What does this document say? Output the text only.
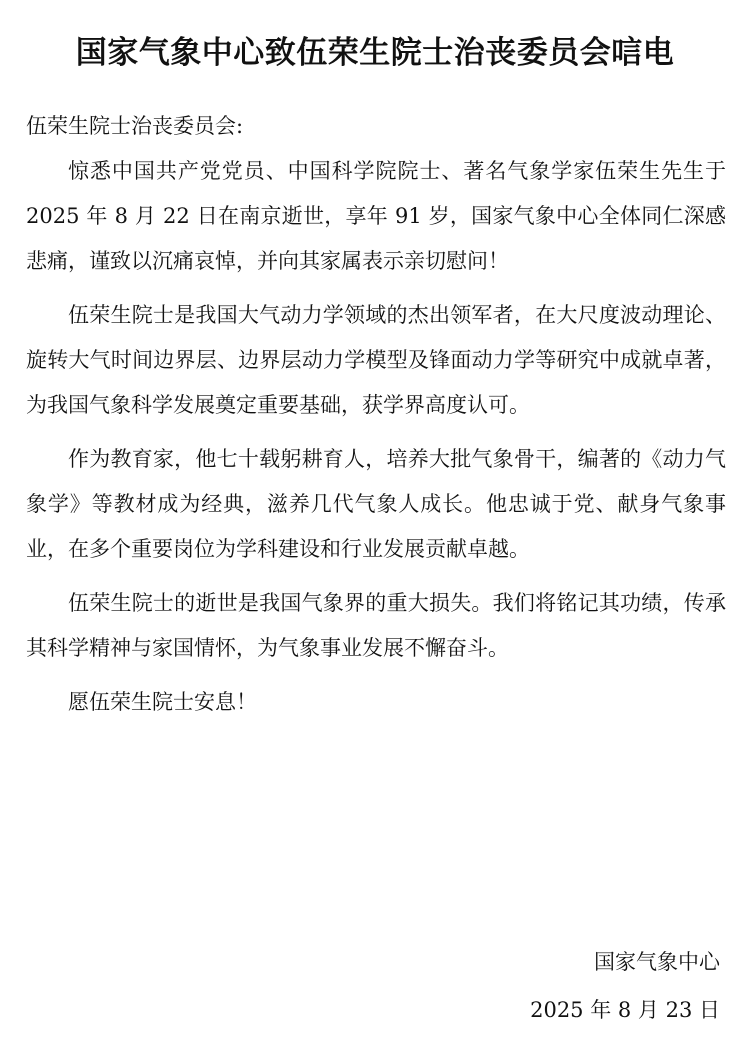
国家气象中心致伍荣生院士治丧委员会唁电

伍荣生院士治丧委员会:

惊悉中国共产党党员、中国科学院院士、著名气象学家伍荣生先生于 2025 年 8 月 22 日在南京逝世，享年 91 岁，国家气象中心全体同仁深感悲痛，谨致以沉痛哀悼，并向其家属表示亲切慰问！

伍荣生院士是我国大气动力学领域的杰出领军者，在大尺度波动理论、旋转大气时间边界层、边界层动力学模型及锋面动力学等研究中成就卓著，为我国气象科学发展奠定重要基础，获学界高度认可。

作为教育家，他七十载躬耕育人，培养大批气象骨干，编著的《动力气象学》等教材成为经典，滋养几代气象人成长。他忠诚于党、献身气象事业，在多个重要岗位为学科建设和行业发展贡献卓越。

伍荣生院士的逝世是我国气象界的重大损失。我们将铭记其功绩，传承其科学精神与家国情怀，为气象事业发展不懈奋斗。

愿伍荣生院士安息！

国家气象中心
2025 年 8 月 23 日
